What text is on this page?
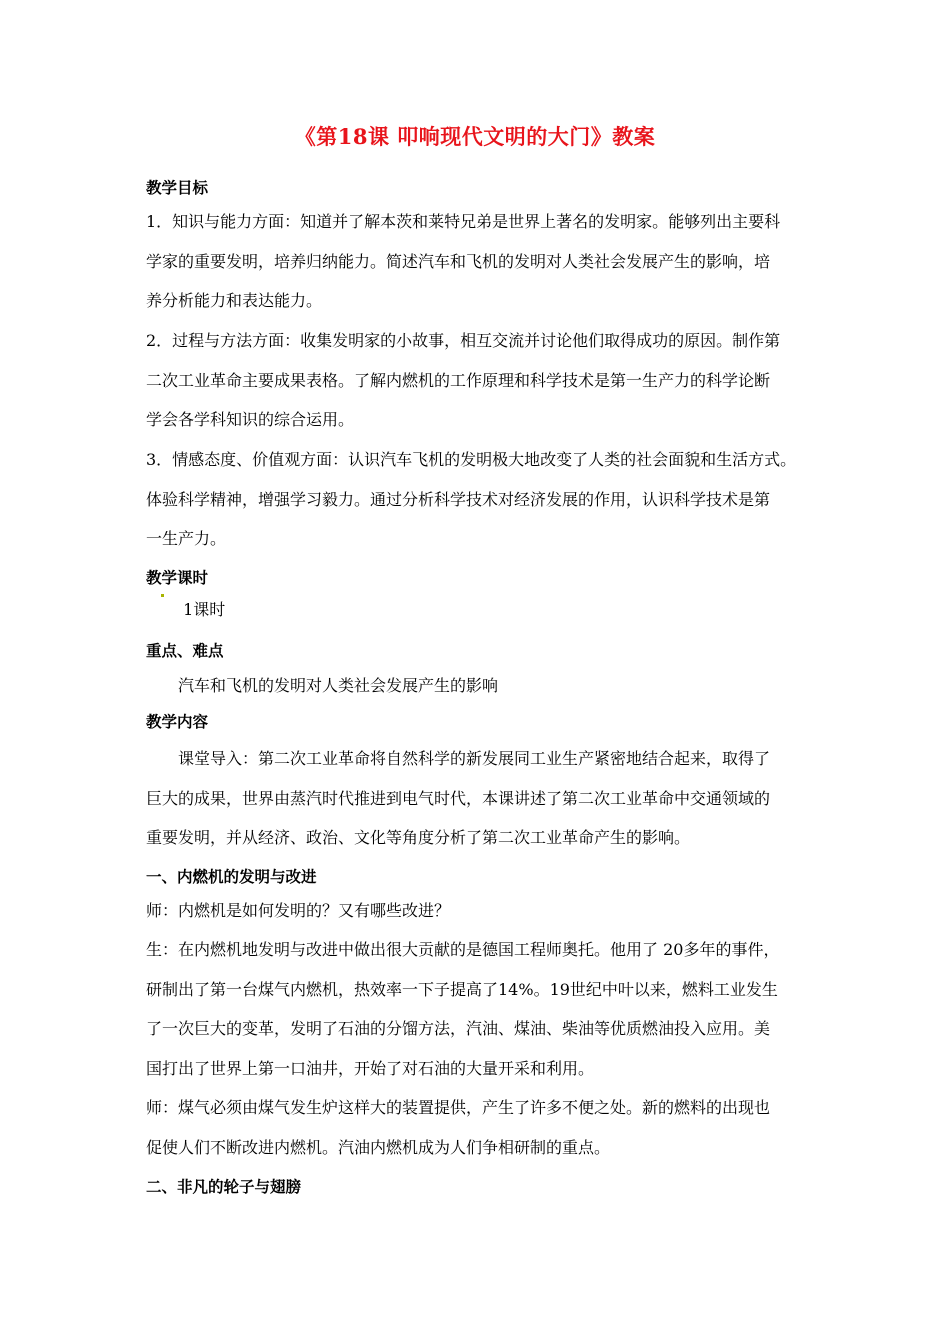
《第18课 叩响现代文明的大门》教案
教学目标

1．知识与能力方面：知道并了解本茨和莱特兄弟是世界上著名的发明家。能够列出主要科

学家的重要发明，培养归纳能力。简述汽车和飞机的发明对人类社会发展产生的影响，培

养分析能力和表达能力。

2．过程与方法方面：收集发明家的小故事，相互交流并讨论他们取得成功的原因。制作第

二次工业革命主要成果表格。了解内燃机的工作原理和科学技术是第一生产力的科学论断

学会各学科知识的综合运用。

3．情感态度、价值观方面：认识汽车飞机的发明极大地改变了人类的社会面貌和生活方式。

体验科学精神，增强学习毅力。通过分析科学技术对经济发展的作用，认识科学技术是第

一生产力。

教学课时
1课时
重点、难点

汽车和飞机的发明对人类社会发展产生的影响

教学内容

课堂导入：第二次工业革命将自然科学的新发展同工业生产紧密地结合起来，取得了

巨大的成果，世界由蒸汽时代推进到电气时代，本课讲述了第二次工业革命中交通领域的

重要发明，并从经济、政治、文化等角度分析了第二次工业革命产生的影响。

一、内燃机的发明与改进

师：内燃机是如何发明的？又有哪些改进？

生：在内燃机地发明与改进中做出很大贡献的是德国工程师奥托。他用了 20多年的事件，

研制出了第一台煤气内燃机，热效率一下子提高了14%。19世纪中叶以来，燃料工业发生

了一次巨大的变革，发明了石油的分馏方法，汽油、煤油、柴油等优质燃油投入应用。美

国打出了世界上第一口油井，开始了对石油的大量开采和利用。

师：煤气必须由煤气发生炉这样大的装置提供，产生了许多不便之处。新的燃料的出现也

促使人们不断改进内燃机。汽油内燃机成为人们争相研制的重点。

二、非凡的轮子与翅膀
